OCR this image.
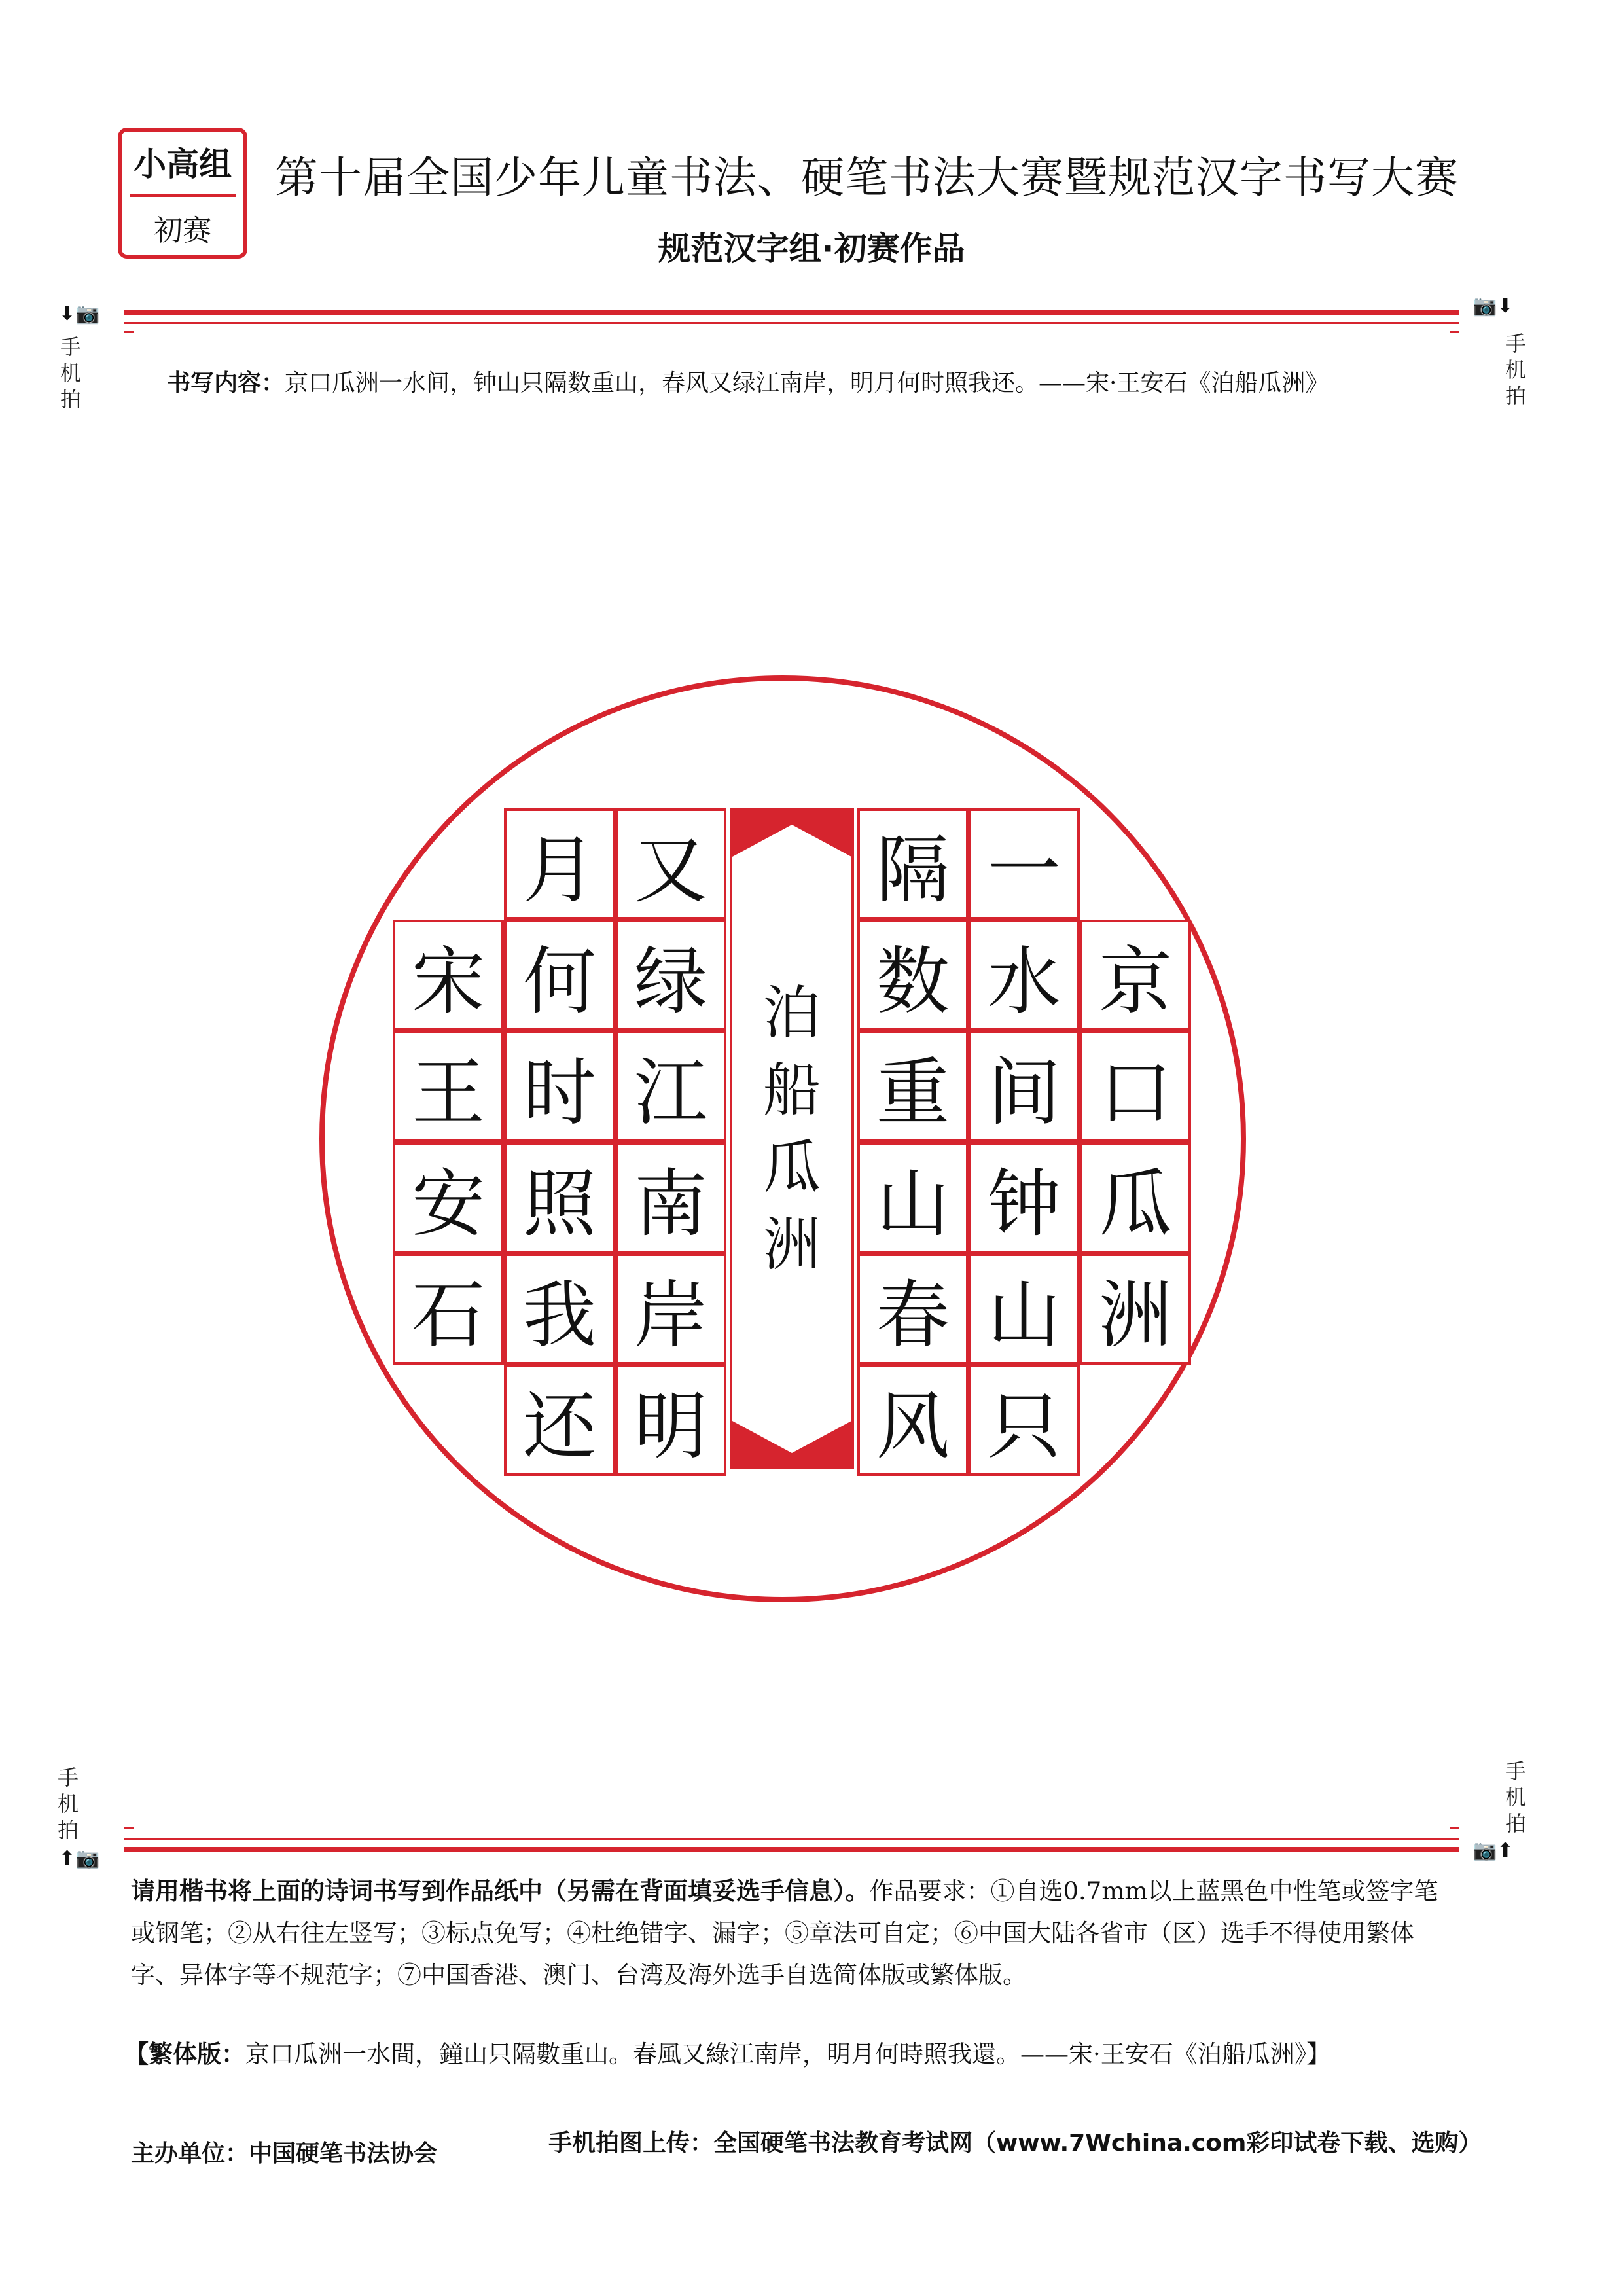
小高组
初赛
第十届全国少年儿童书法、硬笔书法大赛暨规范汉字书写大赛
规范汉字组·初赛作品
⬇📷
手机拍
📷⬇
手机拍
书写内容：京口瓜洲一水间，钟山只隔数重山，春风又绿江南岸，明月何时照我还。——宋·王安石《泊船瓜洲》
泊
船
瓜
洲
京
口
瓜
洲
一
水
间
钟
山
只
隔
数
重
山
春
风
又
绿
江
南
岸
明
月
何
时
照
我
还
宋
王
安
石
手机拍
⬆📷
手机拍
📷⬆
请用楷书将上面的诗词书写到作品纸中（另需在背面填妥选手信息）。作品要求：①自选0.7mm以上蓝黑色中性笔或签字笔或钢笔；②从右往左竖写；③标点免写；④杜绝错字、漏字；⑤章法可自定；⑥中国大陆各省市（区）选手不得使用繁体字、异体字等不规范字；⑦中国香港、澳门、台湾及海外选手自选简体版或繁体版。
【繁体版：京口瓜洲一水間，鐘山只隔數重山。春風又綠江南岸，明月何時照我還。——宋·王安石《泊船瓜洲》】
主办单位：中国硬笔书法协会	手机拍图上传：全国硬笔书法教育考试网（www.7Wchina.com彩印试卷下载、选购）
